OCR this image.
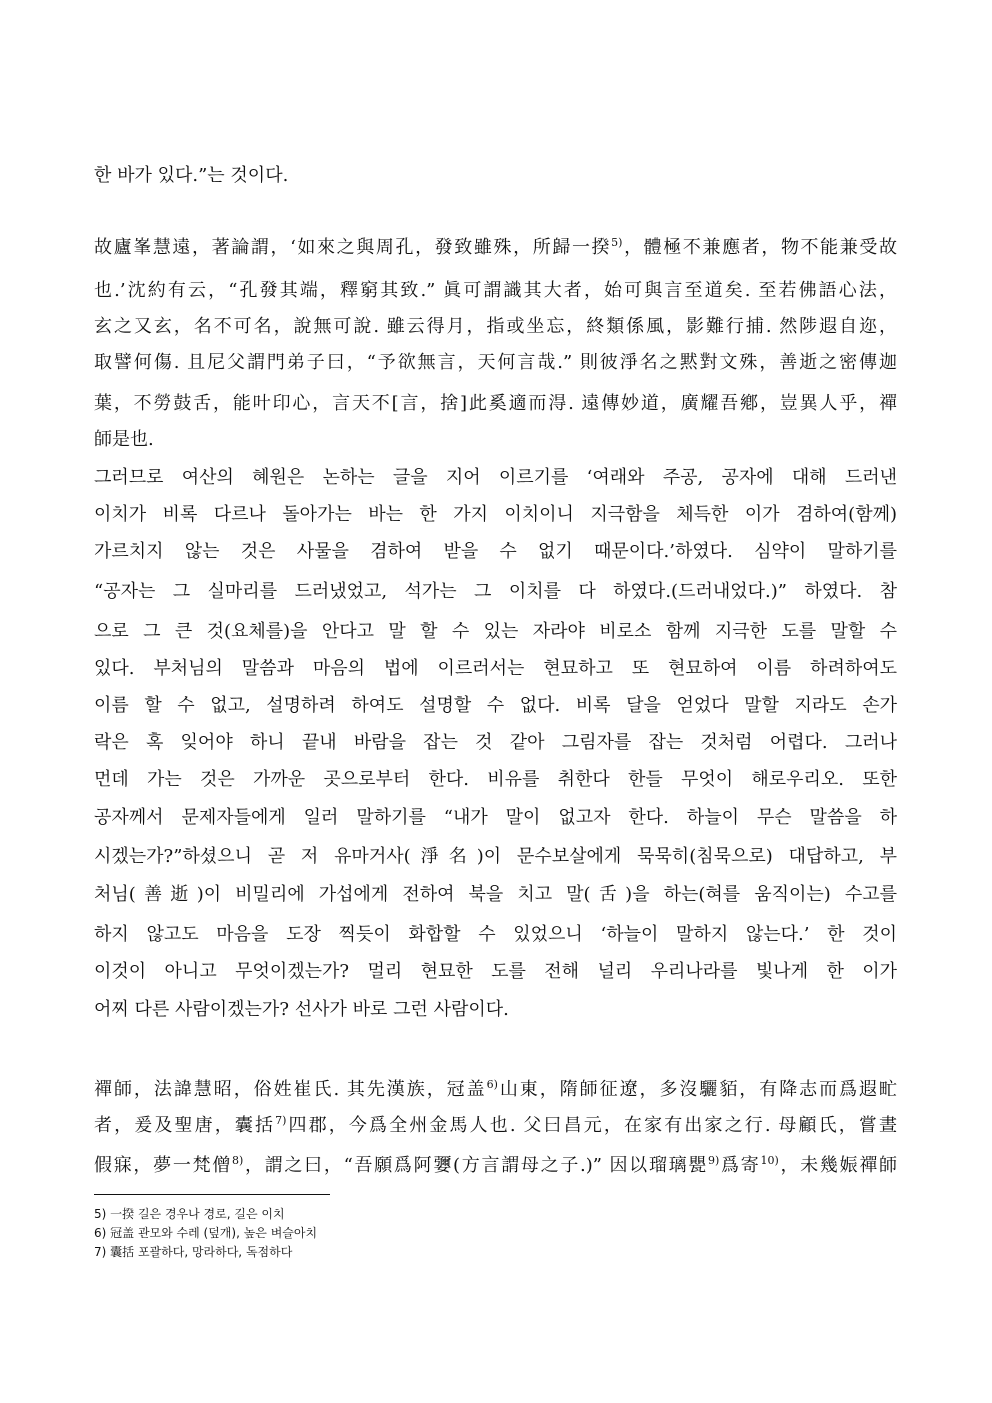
한 바가 있다.”는 것이다.
故廬峯慧遠，著論謂，‘如來之與周孔，發致雖殊，所歸一揆$^{5)}$，體極不兼應者，物不能兼受故
也.’沈約有云，“孔發其端，釋窮其致.” 眞可謂識其大者，始可與言至道矣. 至若佛語心法，
玄之又玄，名不可名，說無可說. 雖云得月，指或坐忘，終類係風，影難行捕. 然陟遐自迩，
取譬何傷. 且尼父謂門弟子曰，“予欲無言，天何言哉.” 則彼淨名之黙對文殊，善逝之密傳迦
葉，不勞鼓舌，能叶印心，言天不[言，捨]此奚適而淂. 遠傳妙道，廣耀吾鄕，豈異人乎，禪
師是也.
그러므로 여산의 혜원은 논하는 글을 지어 이르기를 ‘여래와 주공, 공자에 대해 드러낸
이치가 비록 다르나 돌아가는 바는 한 가지 이치이니 지극함을 체득한 이가 겸하여(함께)
가르치지 않는 것은 사물을 겸하여 받을 수 없기 때문이다.’하였다. 심약이 말하기를
“공자는 그 실마리를 드러냈었고, 석가는 그 이치를 다 하였다.(드러내었다.)” 하였다. 참
으로 그 큰 것(요체를)을 안다고 말 할 수 있는 자라야 비로소 함께 지극한 도를 말할 수
있다. 부처님의 말씀과 마음의 법에 이르러서는 현묘하고 또 현묘하여 이름 하려하여도
이름 할 수 없고, 설명하려 하여도 설명할 수 없다. 비록 달을 얻었다 말할 지라도 손가
락은 혹 잊어야 하니 끝내 바람을 잡는 것 같아 그림자를 잡는 것처럼 어렵다. 그러나
먼데 가는 것은 가까운 곳으로부터 한다. 비유를 취한다 한들 무엇이 해로우리오. 또한
공자께서 문제자들에게 일러 말하기를 “내가 말이 없고자 한다. 하늘이 무슨 말씀을 하
시겠는가?”하셨으니 곧 저 유마거사(淨名)이 문수보살에게 묵묵히(침묵으로) 대답하고, 부
처님(善逝)이 비밀리에 가섭에게 전하여 북을 치고 말(舌)을 하는(혀를 움직이는) 수고를
하지 않고도 마음을 도장 찍듯이 화합할 수 있었으니 ‘하늘이 말하지 않는다.’ 한 것이
이것이 아니고 무엇이겠는가? 멀리 현묘한 도를 전해 널리 우리나라를 빛나게 한 이가
어찌 다른 사람이겠는가? 선사가 바로 그런 사람이다.
禪師，法諱慧昭，俗姓崔氏. 其先漢族，冠盖$^{6)}$山東，隋師征遼，多沒驪貊，有降志而爲遐甿
者，爰及聖唐，囊括$^{7)}$四郡，今爲全州金馬人也. 父曰昌元，在家有出家之行. 母顧氏，嘗晝
假寐，夢一梵僧$^{8)}$，謂之曰，“吾願爲阿㜷(方言謂母之子.)” 因以瑠璃甖$^{9)}$爲寄$^{10)}$，未幾娠禪師
5) 一揆 길은 경우나 경로, 길은 이치
6) 冠盖 관모와 수레 (덮개), 높은 벼슬아치
7) 囊括 포괄하다, 망라하다, 독점하다
